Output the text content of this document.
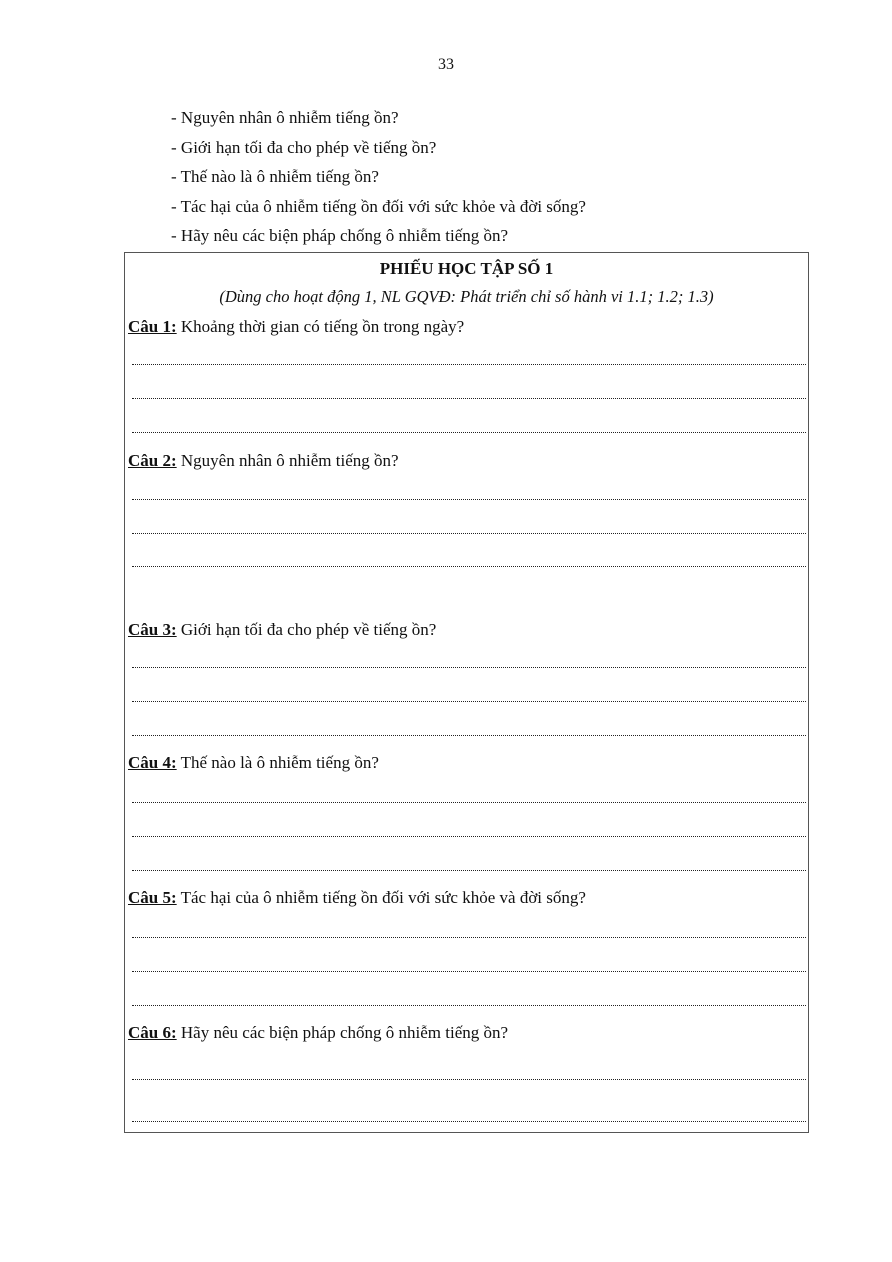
33
- Nguyên nhân ô nhiễm tiếng ồn?
- Giới hạn tối đa cho phép về tiếng ồn?
- Thế nào là ô nhiễm tiếng ồn?
- Tác hại của ô nhiễm tiếng ồn đối với sức khỏe và đời sống?
- Hãy nêu các biện pháp chống ô nhiễm tiếng ồn?
PHIẾU HỌC TẬP SỐ 1
(Dùng cho hoạt động 1, NL GQVĐ: Phát triển chỉ số hành vi 1.1; 1.2; 1.3)
Câu 1: Khoảng thời gian có tiếng ồn trong ngày?
Câu 2: Nguyên nhân ô nhiễm tiếng ồn?
Câu 3: Giới hạn tối đa cho phép về tiếng ồn?
Câu 4: Thế nào là ô nhiễm tiếng ồn?
Câu 5: Tác hại của ô nhiễm tiếng ồn đối với sức khỏe và đời sống?
Câu 6: Hãy nêu các biện pháp chống ô nhiễm tiếng ồn?
